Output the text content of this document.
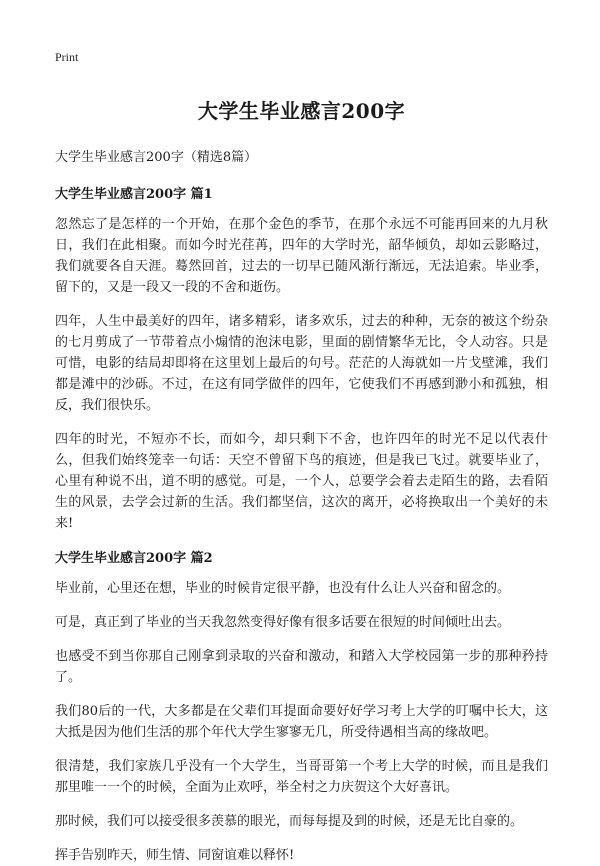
Print
大学生毕业感言200字

大学生毕业感言200字（精选8篇）

大学生毕业感言200字 篇1

忽然忘了是怎样的一个开始，在那个金色的季节，在那个永远不可能再回来的九月秋日，我们在此相聚。而如今时光荏苒，四年的大学时光，韶华倾负，却如云影略过，我们就要各自天涯。蓦然回首，过去的一切早已随风渐行渐远，无法追索。毕业季，留下的，又是一段又一段的不舍和逝伤。

四年，人生中最美好的四年，诸多精彩，诸多欢乐，过去的种种，无奈的被这个纷杂的七月剪成了一节带着点小煽情的泡沫电影，里面的剧情繁华无比，令人动容。只是可惜，电影的结局却即将在这里划上最后的句号。茫茫的人海就如一片戈壁滩，我们都是滩中的沙砾。不过，在这有同学做伴的四年，它使我们不再感到渺小和孤独，相反，我们很快乐。

四年的时光，不短亦不长，而如今，却只剩下不舍，也许四年的时光不足以代表什么，但我们始终笼幸一句话：天空不曾留下鸟的痕迹，但是我已飞过。就要毕业了，心里有种说不出，道不明的感觉。可是，一个人，总要学会着去走陌生的路，去看陌生的风景，去学会过新的生活。我们都坚信，这次的离开，必将换取出一个美好的未来!

大学生毕业感言200字 篇2

毕业前，心里还在想，毕业的时候肯定很平静，也没有什么让人兴奋和留念的。

可是，真正到了毕业的当天我忽然变得好像有很多话要在很短的时间倾吐出去。

也感受不到当你那自己刚拿到录取的兴奋和激动，和踏入大学校园第一步的那种矜持了。

我们80后的一代，大多都是在父辈们耳提面命要好好学习考上大学的叮嘱中长大，这大抵是因为他们生活的那个年代大学生寥寥无几，所受待遇相当高的缘故吧。

很清楚，我们家族几乎没有一个大学生，当哥哥第一个考上大学的时候，而且是我们那里唯一一个的时候，全面为止欢呼，举全村之力庆贺这个大好喜讯。

那时候，我们可以接受很多羡慕的眼光，而每每提及到的时候，还是无比自豪的。

挥手告别昨天，师生情、同窗谊难以释怀!
